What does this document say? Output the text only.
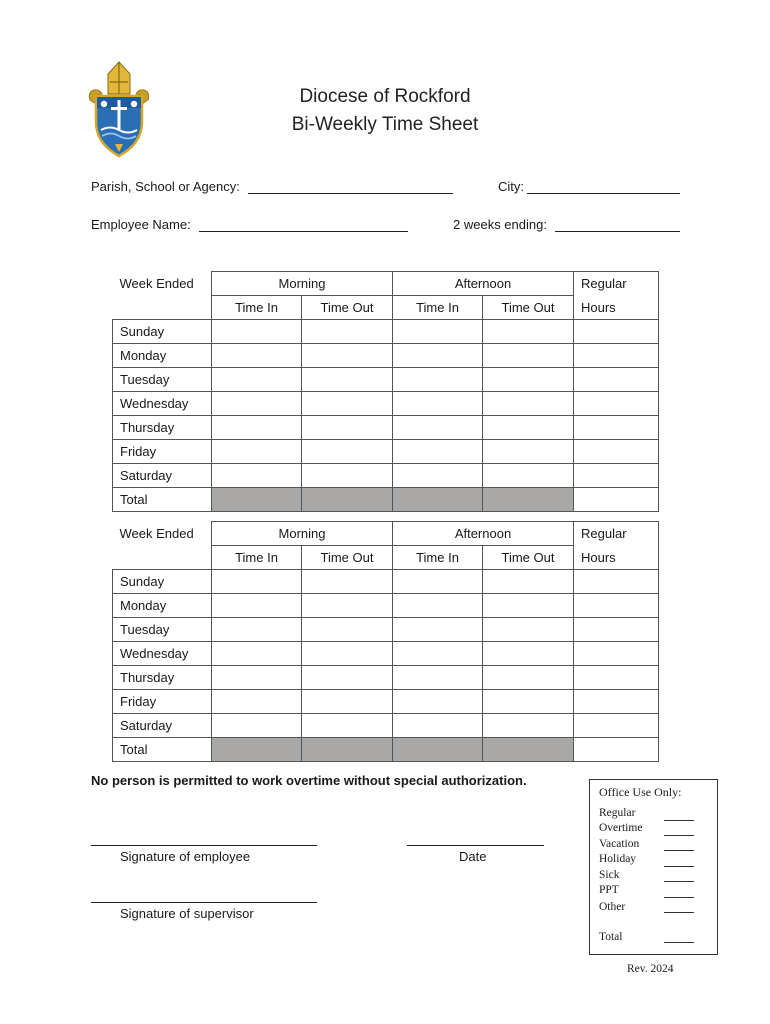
Diocese of Rockford
Bi-Weekly Time Sheet
Parish, School or Agency:	City:
Employee Name:	2 weeks ending:
Week Ended	Morning		Afternoon		Regular
	Time In	Time Out	Time In	Time Out	Hours
Sunday					
Monday					
Tuesday					
Wednesday					
Thursday					
Friday					
Saturday					
Total					
Week Ended	Morning		Afternoon		Regular
	Time In	Time Out	Time In	Time Out	Hours
Sunday					
Monday					
Tuesday					
Wednesday					
Thursday					
Friday					
Saturday					
Total					
No person is permitted to work overtime without special authorization.
Signature of employee	Date
Signature of supervisor
Office Use Only:
Regular
Overtime
Vacation
Holiday
Sick
PPT
Other
Total
Rev. 2024
